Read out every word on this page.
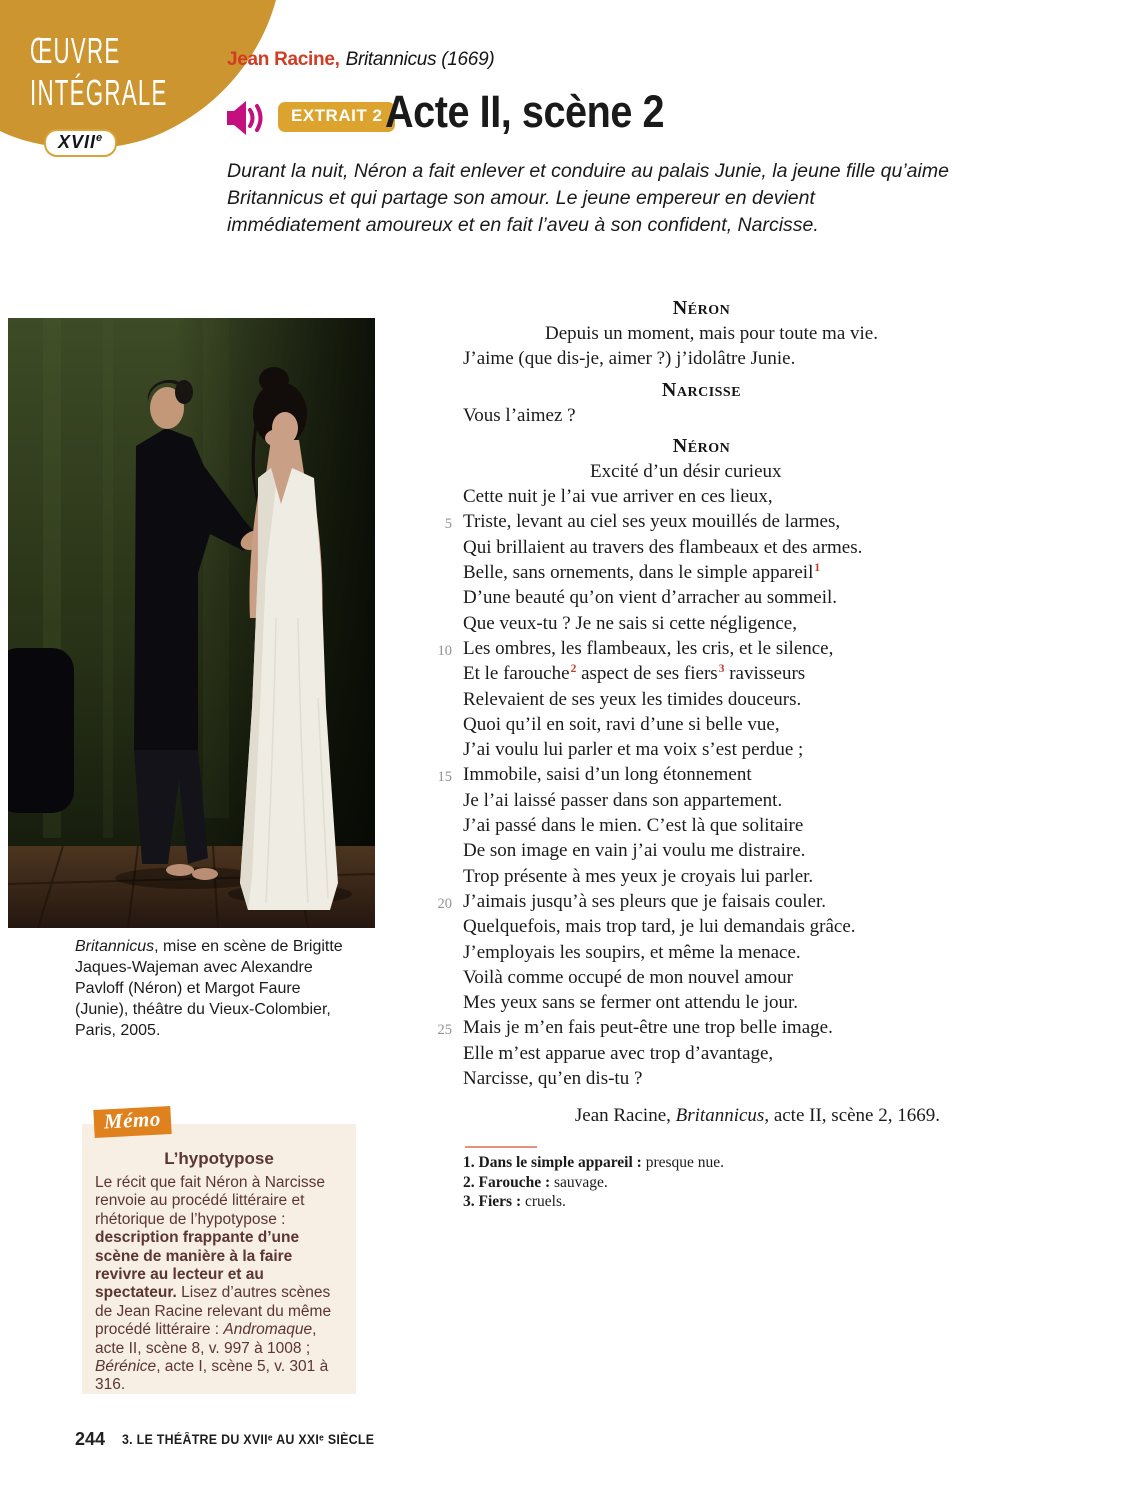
ŒUVRE
INTÉGRALE
XVIIe
Jean Racine, Britannicus (1669)
EXTRAIT 2 Acte II, scène 2
Durant la nuit, Néron a fait enlever et conduire au palais Junie, la jeune fille qu’aime Britannicus et qui partage son amour. Le jeune empereur en devient immédiatement amoureux et en fait l’aveu à son confident, Narcisse.
Britannicus, mise en scène de Brigitte Jaques-Wajeman avec Alexandre Pavloff (Néron) et Margot Faure (Junie), théâtre du Vieux-Colombier, Paris, 2005.
Néron
Depuis un moment, mais pour toute ma vie.
J’aime (que dis-je, aimer ?) j’idolâtre Junie.
Narcisse
Vous l’aimez ?
Néron
Excité d’un désir curieux
Cette nuit je l’ai vue arriver en ces lieux,
5 Triste, levant au ciel ses yeux mouillés de larmes,
Qui brillaient au travers des flambeaux et des armes.
Belle, sans ornements, dans le simple appareil$^1$
D’une beauté qu’on vient d’arracher au sommeil.
Que veux-tu ? Je ne sais si cette négligence,
10 Les ombres, les flambeaux, les cris, et le silence,
Et le farouche$^2$ aspect de ses fiers$^3$ ravisseurs
Relevaient de ses yeux les timides douceurs.
Quoi qu’il en soit, ravi d’une si belle vue,
J’ai voulu lui parler et ma voix s’est perdue ;
15 Immobile, saisi d’un long étonnement
Je l’ai laissé passer dans son appartement.
J’ai passé dans le mien. C’est là que solitaire
De son image en vain j’ai voulu me distraire.
Trop présente à mes yeux je croyais lui parler.
20 J’aimais jusqu’à ses pleurs que je faisais couler.
Quelquefois, mais trop tard, je lui demandais grâce.
J’employais les soupirs, et même la menace.
Voilà comme occupé de mon nouvel amour
Mes yeux sans se fermer ont attendu le jour.
25 Mais je m’en fais peut-être une trop belle image.
Elle m’est apparue avec trop d’avantage,
Narcisse, qu’en dis-tu ?
Jean Racine, Britannicus, acte II, scène 2, 1669.
1. Dans le simple appareil : presque nue.
2. Farouche : sauvage.
3. Fiers : cruels.
Mémo
L’hypotypose
Le récit que fait Néron à Narcisse renvoie au procédé littéraire et rhétorique de l’hypotypose : description frappante d’une scène de manière à la faire revivre au lecteur et au spectateur. Lisez d’autres scènes de Jean Racine relevant du même procédé littéraire : Andromaque, acte II, scène 8, v. 997 à 1008 ; Bérénice, acte I, scène 5, v. 301 à 316.
244 3. LE THÉÂTRE DU XVIIᵉ AU XXIᵉ SIÈCLE
